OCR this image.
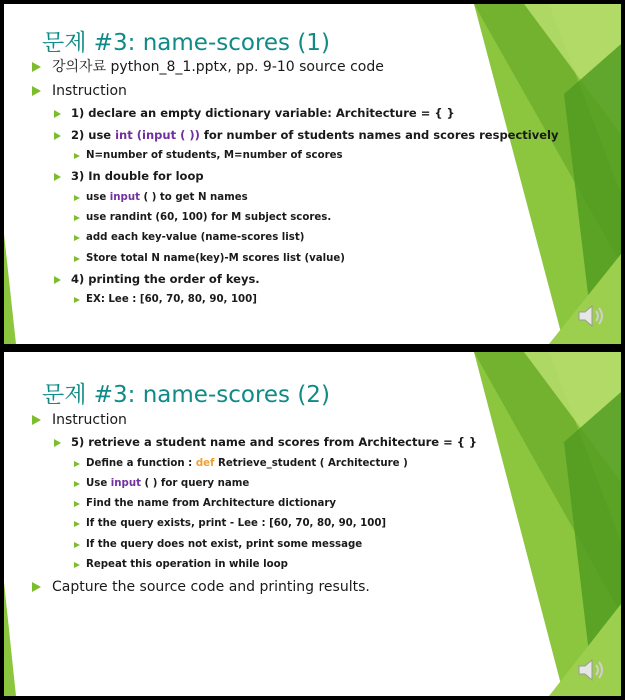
문제 #3: name-scores (1)
강의자료 python_8_1.pptx, pp. 9-10 source code
Instruction
1) declare an empty dictionary variable: Architecture = { }
2) use int (input ( )) for number of students names and scores respectively
N=number of students, M=number of scores
3) In double for loop
use input ( ) to get N names
use randint (60, 100) for M subject scores.
add each key-value (name-scores list)
Store total N name(key)-M scores list (value)
4) printing the order of keys.
EX: Lee : [60, 70, 80, 90, 100]
문제 #3: name-scores (2)
Instruction
5) retrieve a student name and scores from Architecture = { }
Define a function : def Retrieve_student ( Architecture )
Use input ( ) for query name
Find the name from Architecture dictionary
If the query exists, print - Lee : [60, 70, 80, 90, 100]
If the query does not exist, print some message
Repeat this operation in while loop
Capture the source code and printing results.
